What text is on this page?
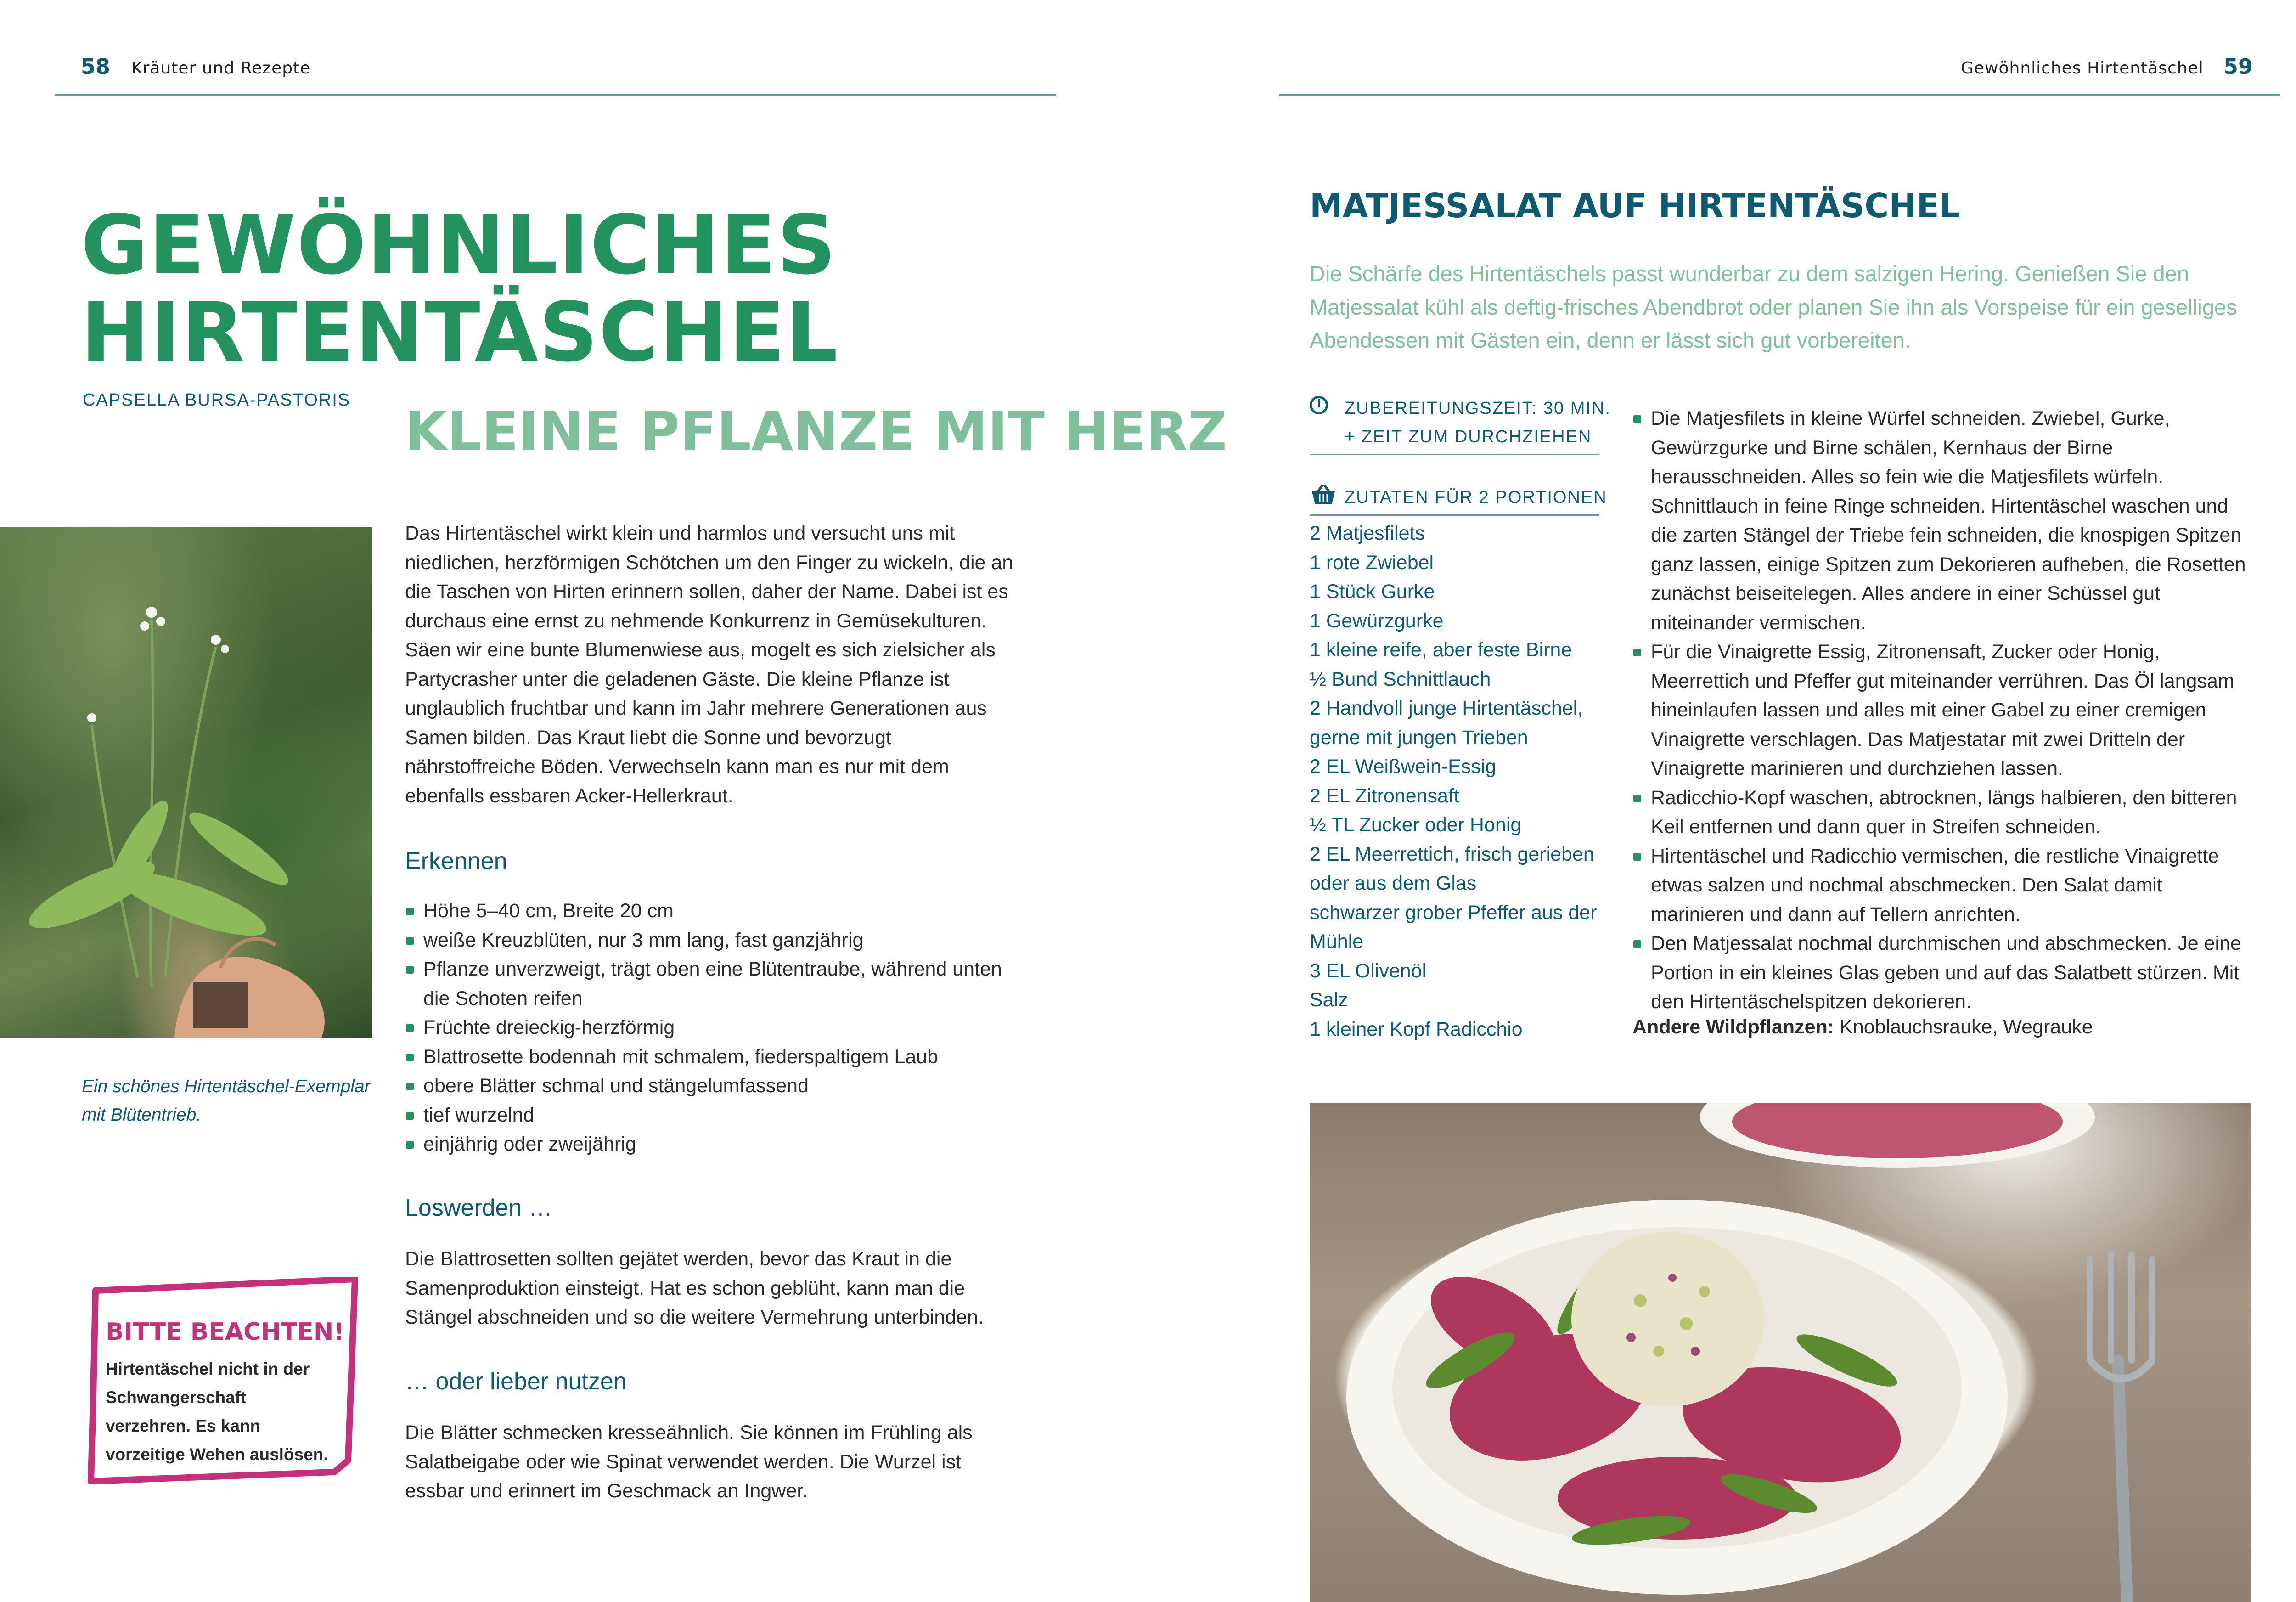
58 Kräuter und Rezepte
GEWÖHNLICHES
HIRTENTÄSCHEL
CAPSELLA BURSA-PASTORIS KLEINE PFLANZE MIT HERZ
Ein schönes Hirtentäschel-Exemplar mit Blütentrieb.
Das Hirtentäschel wirkt klein und harmlos und versucht uns mit niedlichen, herzförmigen Schötchen um den Finger zu wickeln, die an die Taschen von Hirten erinnern sollen, daher der Name. Dabei ist es durchaus eine ernst zu nehmende Konkurrenz in Gemüsekulturen. Säen wir eine bunte Blumenwiese aus, mogelt es sich zielsicher als Partycrasher unter die geladenen Gäste. Die kleine Pflanze ist unglaublich fruchtbar und kann im Jahr mehrere Generationen aus Samen bilden. Das Kraut liebt die Sonne und bevorzugt nährstoffreiche Böden. Verwechseln kann man es nur mit dem ebenfalls essbaren Acker-Hellerkraut.
Erkennen
Höhe 5–40 cm, Breite 20 cm
weiße Kreuzblüten, nur 3 mm lang, fast ganzjährig
Pflanze unverzweigt, trägt oben eine Blütentraube, während unten die Schoten reifen
Früchte dreieckig-herzförmig
Blattrosette bodennah mit schmalem, fiederspaltigem Laub
obere Blätter schmal und stängelumfassend
tief wurzelnd
einjährig oder zweijährig
Loswerden …
Die Blattrosetten sollten gejätet werden, bevor das Kraut in die Samenproduktion einsteigt. Hat es schon geblüht, kann man die Stängel abschneiden und so die weitere Vermehrung unterbinden.
… oder lieber nutzen
Die Blätter schmecken kresseähnlich. Sie können im Frühling als Salatbeigabe oder wie Spinat verwendet werden. Die Wurzel ist essbar und erinnert im Geschmack an Ingwer.
BITTE BEACHTEN!
Hirtentäschel nicht in der Schwangerschaft verzehren. Es kann vorzeitige Wehen auslösen.
Gewöhnliches Hirtentäschel 59
MATJESSALAT AUF HIRTENTÄSCHEL
Die Schärfe des Hirtentäschels passt wunderbar zu dem salzigen Hering. Genießen Sie den Matjessalat kühl als deftig-frisches Abendbrot oder planen Sie ihn als Vorspeise für ein geselliges Abendessen mit Gästen ein, denn er lässt sich gut vorbereiten.
ZUBEREITUNGSZEIT: 30 MIN.
+ ZEIT ZUM DURCHZIEHEN
ZUTATEN FÜR 2 PORTIONEN
2 Matjesfilets
1 rote Zwiebel
1 Stück Gurke
1 Gewürzgurke
1 kleine reife, aber feste Birne
½ Bund Schnittlauch
2 Handvoll junge Hirtentäschel, gerne mit jungen Trieben
2 EL Weißwein-Essig
2 EL Zitronensaft
½ TL Zucker oder Honig
2 EL Meerrettich, frisch gerieben oder aus dem Glas
schwarzer grober Pfeffer aus der Mühle
3 EL Olivenöl
Salz
1 kleiner Kopf Radicchio
Die Matjesfilets in kleine Würfel schneiden. Zwiebel, Gurke, Gewürzgurke und Birne schälen, Kernhaus der Birne herausschneiden. Alles so fein wie die Matjesfilets würfeln. Schnittlauch in feine Ringe schneiden. Hirtentäschel waschen und die zarten Stängel der Triebe fein schneiden, die knospigen Spitzen ganz lassen, einige Spitzen zum Dekorieren aufheben, die Rosetten zunächst beiseitelegen. Alles andere in einer Schüssel gut miteinander vermischen.
Für die Vinaigrette Essig, Zitronensaft, Zucker oder Honig, Meerrettich und Pfeffer gut miteinander verrühren. Das Öl langsam hineinlaufen lassen und alles mit einer Gabel zu einer cremigen Vinaigrette verschlagen. Das Matjestatar mit zwei Dritteln der Vinaigrette marinieren und durchziehen lassen.
Radicchio-Kopf waschen, abtrocknen, längs halbieren, den bitteren Keil entfernen und dann quer in Streifen schneiden.
Hirtentäschel und Radicchio vermischen, die restliche Vinaigrette etwas salzen und nochmal abschmecken. Den Salat damit marinieren und dann auf Tellern anrichten.
Den Matjessalat nochmal durchmischen und abschmecken. Je eine Portion in ein kleines Glas geben und auf das Salatbett stürzen. Mit den Hirtentäschelspitzen dekorieren.
Andere Wildpflanzen: Knoblauchsrauke, Wegrauke
